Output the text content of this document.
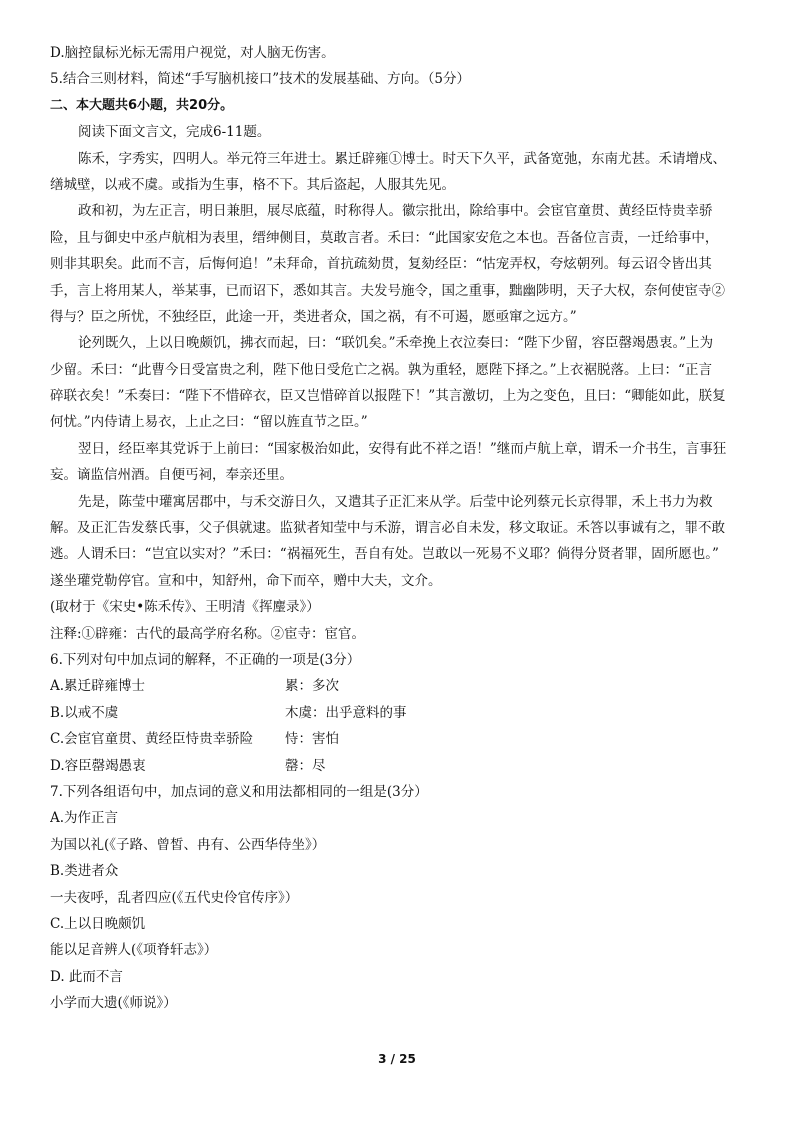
D.脑控鼠标光标无需用户视觉，对人脑无伤害。
5.结合三则材料，简述“手写脑机接口”技术的发展基础、方向。（5分）
二、本大题共6小题，共20分。
阅读下面文言文，完成6-11题。
陈禾，字秀实，四明人。举元符三年进士。累迁辟雍①博士。时天下久平，武备宽弛，东南尤甚。禾请增戍、
缮城壁，以戒不虞。或指为生事，格不下。其后盗起，人服其先见。
政和初，为左正言，明日兼胆，展尽底蕴，时称得人。徽宗批出，除给事中。会宦官童贯、黄经臣恃贵幸骄
险，且与御史中丞卢航相为表里，缙绅侧目，莫敢言者。禾曰：“此国家安危之本也。吾备位言责，一迁给事中，
则非其职矣。此而不言，后悔何追！”未拜命，首抗疏劾贯，复劾经臣：“怙宠弄权，夸炫朝列。每云诏令皆出其
手，言上将用某人，举某事，已而诏下，悉如其言。夫发号施令，国之重事，黜幽陟明，天子大权，奈何使宦寺②
得与？臣之所忧，不独经臣，此途一开，类进者众，国之祸，有不可遏，愿亟窜之远方。”
论列既久，上以日晚颇饥，拂衣而起，曰：“联饥矣。”禾牵挽上衣泣奏曰：“陛下少留，容臣罄竭愚衷。”上为
少留。禾曰：“此曹今日受富贵之利，陛下他日受危亡之祸。孰为重轻，愿陛下择之。”上衣裾脱落。上曰：“正言
碎联衣矣！”禾奏曰：“陛下不惜碎衣，臣又岂惜碎首以报陛下！”其言激切，上为之变色，且曰：“卿能如此，朕复
何忧。”内侍请上易衣，上止之曰：“留以旌直节之臣。”
翌日，经臣率其党诉于上前曰：“国家极治如此，安得有此不祥之语！”继而卢航上章，谓禾一介书生，言事狂
妄。谪监信州酒。自便丐祠，奉亲还里。
先是，陈莹中瓘寓居郡中，与禾交游日久，又遣其子正汇来从学。后莹中论列蔡元长京得罪，禾上书力为救
解。及正汇告发蔡氏事，父子俱就逮。监狱者知莹中与禾游，谓言必自未发，移文取证。禾答以事诚有之，罪不敢
逃。人谓禾曰：“岂宜以实对？”禾曰：“祸福死生，吾自有处。岂敢以一死易不义耶？倘得分贤者罪，固所愿也。”
遂坐瓘党勒停官。宣和中，知舒州，命下而卒，赠中大夫，文介。
(取材于《宋史•陈禾传》、王明清《挥麈录》）
注释:①辟雍：古代的最高学府名称。②宦寺：宦官。
6.下列对句中加点词的解释，不正确的一项是(3分）
A.累迁辟雍博士	累：多次
B.以戒不虞	木虞：出乎意料的事
C.会宦官童贯、黄经臣恃贵幸骄险 恃：害怕
D.容臣罄竭愚衷	罄：尽
7.下列各组语句中，加点词的意义和用法都相同的一组是(3分）
A.为作正言
为国以礼(《子路、曾皙、冉有、公西华侍坐》）
B.类进者众
一夫夜呼，乱者四应(《五代史伶官传序》）
C.上以日晚颇饥
能以足音辨人(《项脊轩志》）
D. 此而不言
小学而大遗(《师说》）
3 / 25
